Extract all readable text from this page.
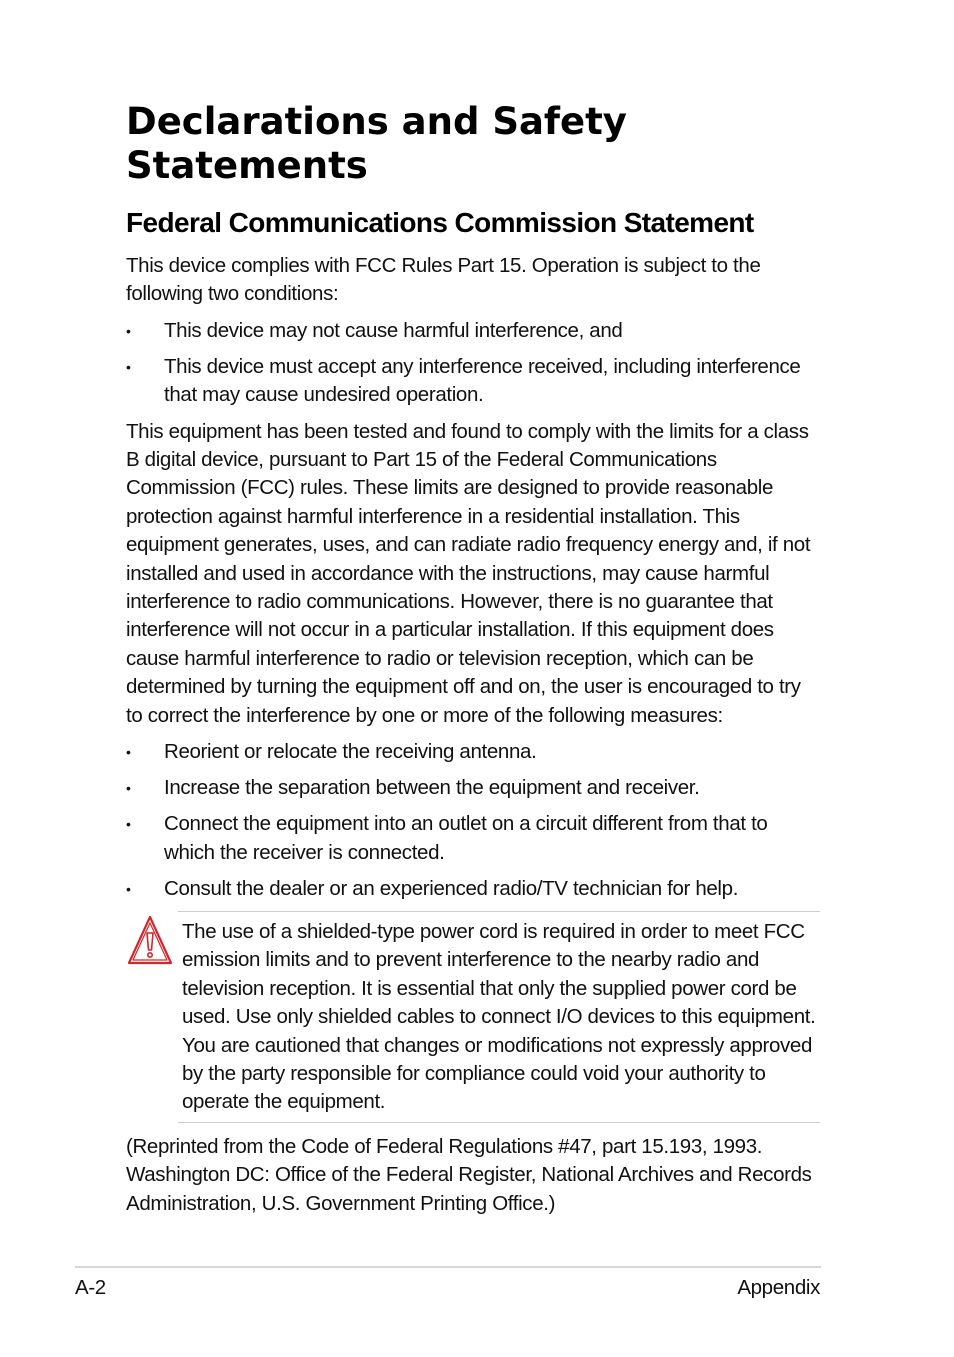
Declarations and Safety Statements
Federal Communications Commission Statement

This device complies with FCC Rules Part 15. Operation is subject to the following two conditions:

• This device may not cause harmful interference, and
• This device must accept any interference received, including interference that may cause undesired operation.

This equipment has been tested and found to comply with the limits for a class B digital device, pursuant to Part 15 of the Federal Communications Commission (FCC) rules. These limits are designed to provide reasonable protection against harmful interference in a residential installation. This equipment generates, uses, and can radiate radio frequency energy and, if not installed and used in accordance with the instructions, may cause harmful interference to radio communications. However, there is no guarantee that interference will not occur in a particular installation. If this equipment does cause harmful interference to radio or television reception, which can be determined by turning the equipment off and on, the user is encouraged to try to correct the interference by one or more of the following measures:

• Reorient or relocate the receiving antenna.
• Increase the separation between the equipment and receiver.
• Connect the equipment into an outlet on a circuit different from that to which the receiver is connected.
• Consult the dealer or an experienced radio/TV technician for help.

The use of a shielded-type power cord is required in order to meet FCC emission limits and to prevent interference to the nearby radio and television reception. It is essential that only the supplied power cord be used. Use only shielded cables to connect I/O devices to this equipment. You are cautioned that changes or modifications not expressly approved by the party responsible for compliance could void your authority to operate the equipment.

(Reprinted from the Code of Federal Regulations #47, part 15.193, 1993. Washington DC: Office of the Federal Register, National Archives and Records Administration, U.S. Government Printing Office.)

A-2	Appendix
